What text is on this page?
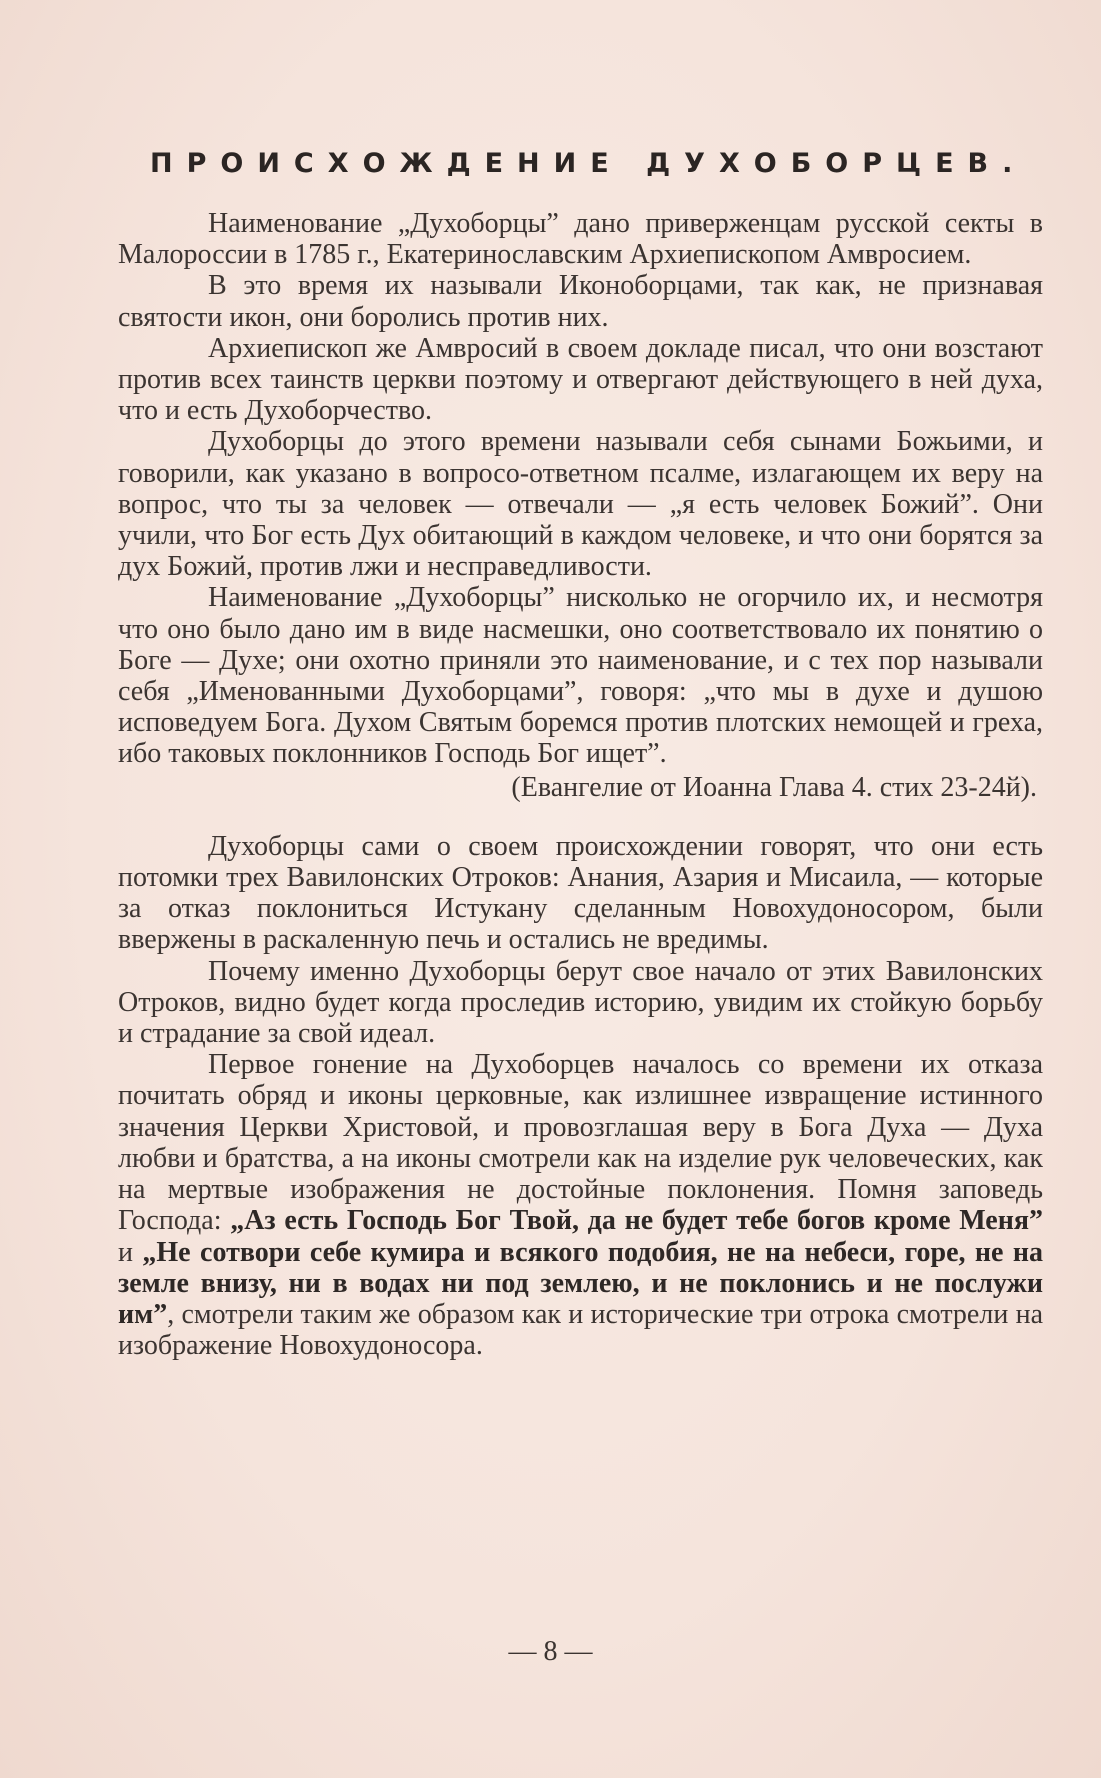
ПРОИСХОЖДЕНИЕ ДУХОБОРЦЕВ.

Наименование „Духоборцы” дано приверженцам русской секты в Малороссии в 1785 г., Екатеринославским Архиепископом Амвросием.

В это время их называли Иконоборцами, так как, не признавая святости икон, они боролись против них.

Архиепископ же Амвросий в своем докладе писал, что они возстают против всех таинств церкви поэтому и отвергают действующего в ней духа, что и есть Духоборчество.

Духоборцы до этого времени называли себя сынами Божьими, и говорили, как указано в вопросо-ответном псалме, излагающем их веру на вопрос, что ты за человек — отвечали — „я есть человек Божий”. Они учили, что Бог есть Дух обитающий в каждом человеке, и что они борятся за дух Божий, против лжи и несправедливости.

Наименование „Духоборцы” нисколько не огорчило их, и несмотря что оно было дано им в виде насмешки, оно соответствовало их понятию о Боге — Духе; они охотно приняли это наименование, и с тех пор называли себя „Именованными Духоборцами”, говоря: „что мы в духе и душою исповедуем Бога. Духом Святым боремся против плотских немощей и греха, ибо таковых поклонников Господь Бог ищет”.

(Евангелие от Иоанна Глава 4. стих 23-24й).

Духоборцы сами о своем происхождении говорят, что они есть потомки трех Вавилонских Отроков: Анания, Азария и Мисаила, — которые за отказ поклониться Истукану сделанным Новохудоносором, были ввержены в раскаленную печь и остались не вредимы.

Почему именно Духоборцы берут свое начало от этих Вавилонских Отроков, видно будет когда проследив историю, увидим их стойкую борьбу и страдание за свой идеал.

Первое гонение на Духоборцев началось со времени их отказа почитать обряд и иконы церковные, как излишнее извращение истинного значения Церкви Христовой, и провозглашая веру в Бога Духа — Духа любви и братства, а на иконы смотрели как на изделие рук человеческих, как на мертвые изображения не достойные поклонения. Помня заповедь Господа: „Аз есть Господь Бог Твой, да не будет тебе богов кроме Меня” и „Не сотвори себе кумира и всякого подобия, не на небеси, горе, не на земле внизу, ни в водах ни под землею, и не поклонись и не послужи им”, смотрели таким же образом как и исторические три отрока смотрели на изображение Новохудоносора.

— 8 —
